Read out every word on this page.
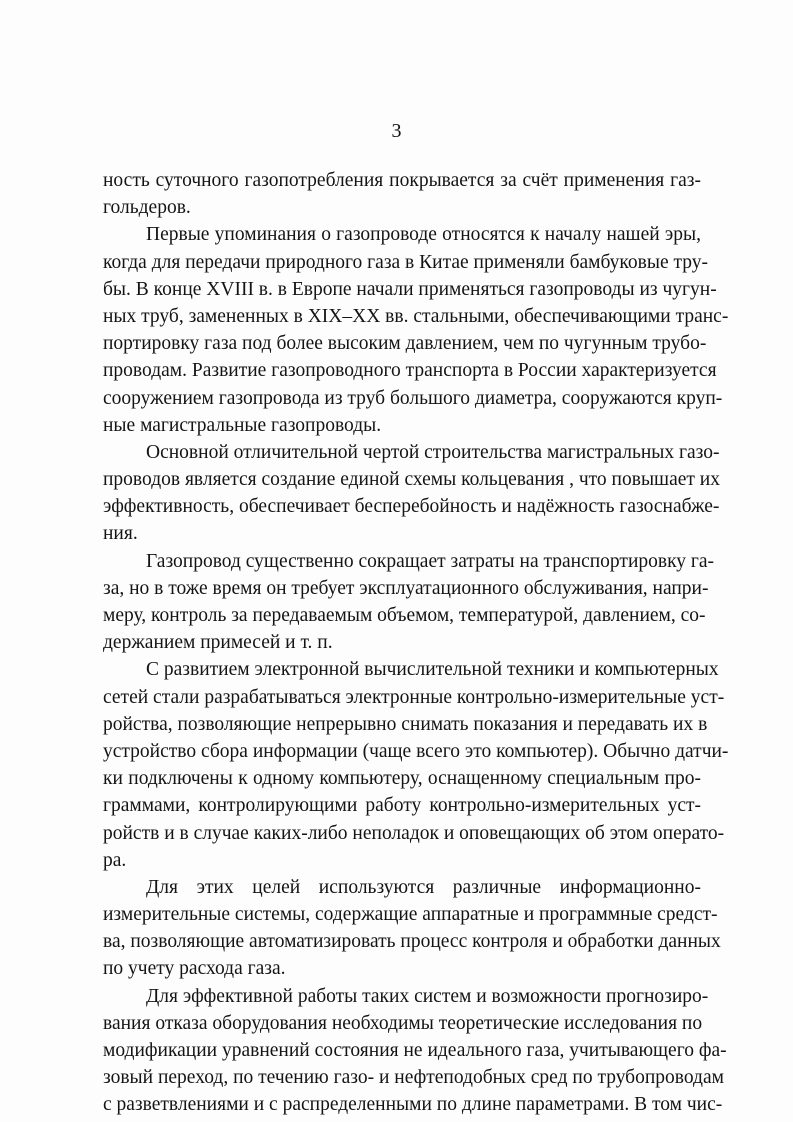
3
ность суточного газопотребления покрывается за счёт применения газ-
гольдеров.
Первые упоминания о газопроводе относятся к началу нашей эры,
когда для передачи природного газа в Китае применяли бамбуковые тру-
бы. В конце XVIII в. в Европе начали применяться газопроводы из чугун-
ных труб, замененных в XIX–XX вв. стальными, обеспечивающими транс-
портировку газа под более высоким давлением, чем по чугунным трубо-
проводам. Развитие газопроводного транспорта в России характеризуется
сооружением газопровода из труб большого диаметра, сооружаются круп-
ные магистральные газопроводы.
Основной отличительной чертой строительства магистральных газо-
проводов является создание единой схемы кольцевания , что повышает их
эффективность, обеспечивает бесперебойность и надёжность газоснабже-
ния.
Газопровод существенно сокращает затраты на транспортировку га-
за, но в тоже время он требует эксплуатационного обслуживания, напри-
меру, контроль за передаваемым объемом, температурой, давлением, со-
держанием примесей и т. п.
С развитием электронной вычислительной техники и компьютерных
сетей стали разрабатываться электронные контрольно-измерительные уст-
ройства, позволяющие непрерывно снимать показания и передавать их в
устройство сбора информации (чаще всего это компьютер). Обычно датчи-
ки подключены к одному компьютеру, оснащенному специальным про-
граммами, контролирующими работу контрольно-измерительных уст-
ройств и в случае каких-либо неполадок и оповещающих об этом операто-
ра.
Для этих целей используются различные информационно-
измерительные системы, содержащие аппаратные и программные средст-
ва, позволяющие автоматизировать процесс контроля и обработки данных
по учету расхода газа.
Для эффективной работы таких систем и возможности прогнозиро-
вания отказа оборудования необходимы теоретические исследования по
модификации уравнений состояния не идеального газа, учитывающего фа-
зовый переход, по течению газо- и нефтеподобных сред по трубопроводам
с разветвлениями и с распределенными по длине параметрами. В том чис-
